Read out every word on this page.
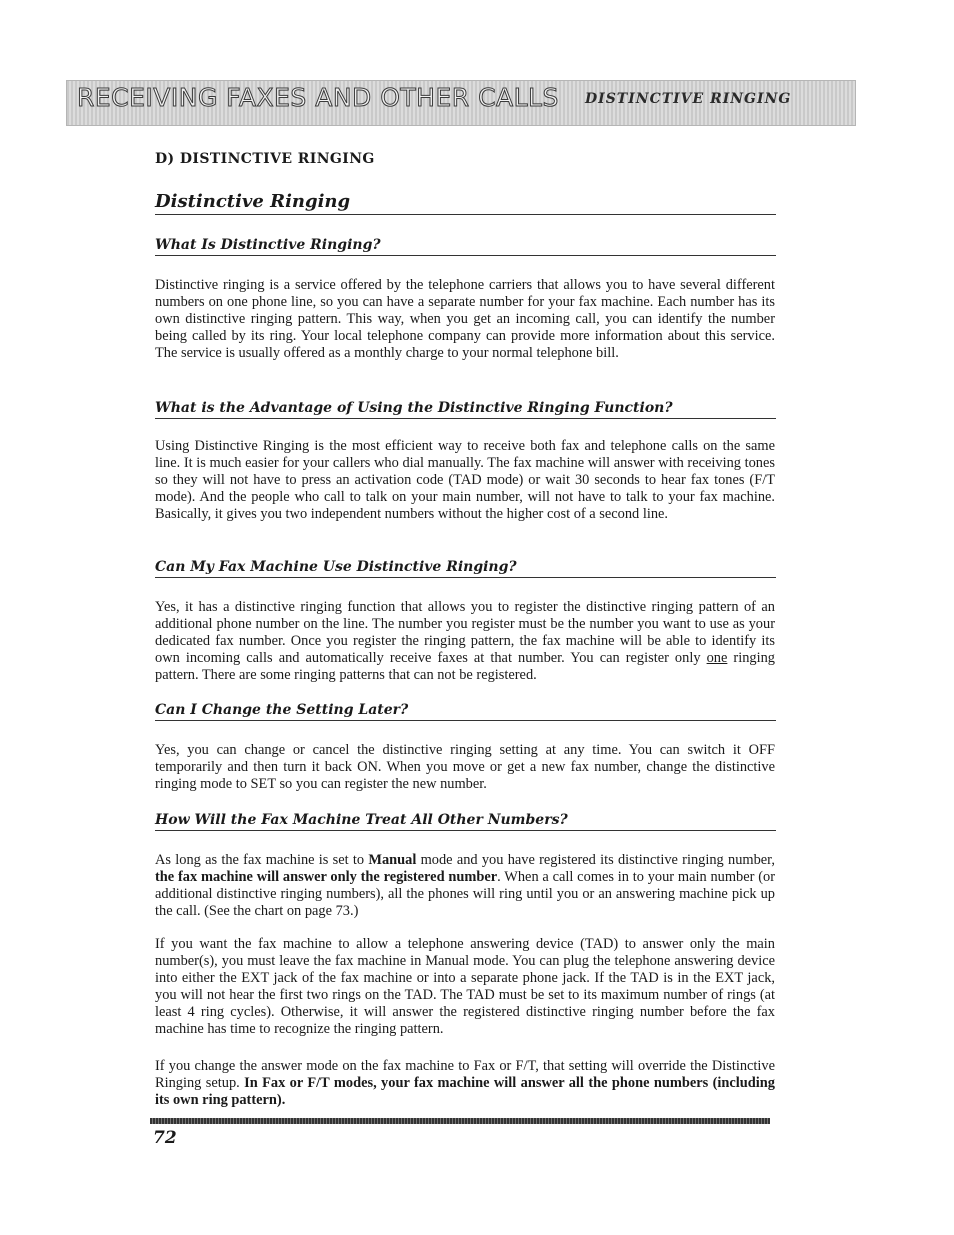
RECEIVING FAXES AND OTHER CALLS DISTINCTIVE RINGING
D) DISTINCTIVE RINGING
Distinctive Ringing
What Is Distinctive Ringing?

Distinctive ringing is a service offered by the telephone carriers that allows you to have several different numbers on one phone line, so you can have a separate number for your fax machine. Each number has its own distinctive ringing pattern. This way, when you get an incoming call, you can identify the number being called by its ring. Your local telephone company can provide more information about this service. The service is usually offered as a monthly charge to your normal telephone bill.

What is the Advantage of Using the Distinctive Ringing Function?

Using Distinctive Ringing is the most efficient way to receive both fax and telephone calls on the same line. It is much easier for your callers who dial manually. The fax machine will answer with receiving tones so they will not have to press an activation code (TAD mode) or wait 30 seconds to hear fax tones (F/T mode). And the people who call to talk on your main number, will not have to talk to your fax machine. Basically, it gives you two independent numbers without the higher cost of a second line.

Can My Fax Machine Use Distinctive Ringing?

Yes, it has a distinctive ringing function that allows you to register the distinctive ringing pattern of an additional phone number on the line. The number you register must be the number you want to use as your dedicated fax number. Once you register the ringing pattern, the fax machine will be able to identify its own incoming calls and automatically receive faxes at that number. You can register only one ringing pattern. There are some ringing patterns that can not be registered.

Can I Change the Setting Later?

Yes, you can change or cancel the distinctive ringing setting at any time. You can switch it OFF temporarily and then turn it back ON. When you move or get a new fax number, change the distinctive ringing mode to SET so you can register the new number.

How Will the Fax Machine Treat All Other Numbers?

As long as the fax machine is set to Manual mode and you have registered its distinctive ringing number, the fax machine will answer only the registered number. When a call comes in to your main number (or additional distinctive ringing numbers), all the phones will ring until you or an answering machine pick up the call. (See the chart on page 73.)

If you want the fax machine to allow a telephone answering device (TAD) to answer only the main number(s), you must leave the fax machine in Manual mode. You can plug the telephone answering device into either the EXT jack of the fax machine or into a separate phone jack. If the TAD is in the EXT jack, you will not hear the first two rings on the TAD. The TAD must be set to its maximum number of rings (at least 4 ring cycles). Otherwise, it will answer the registered distinctive ringing number before the fax machine has time to recognize the ringing pattern.

If you change the answer mode on the fax machine to Fax or F/T, that setting will override the Distinctive Ringing setup. In Fax or F/T modes, your fax machine will answer all the phone numbers (including its own ring pattern).

72
